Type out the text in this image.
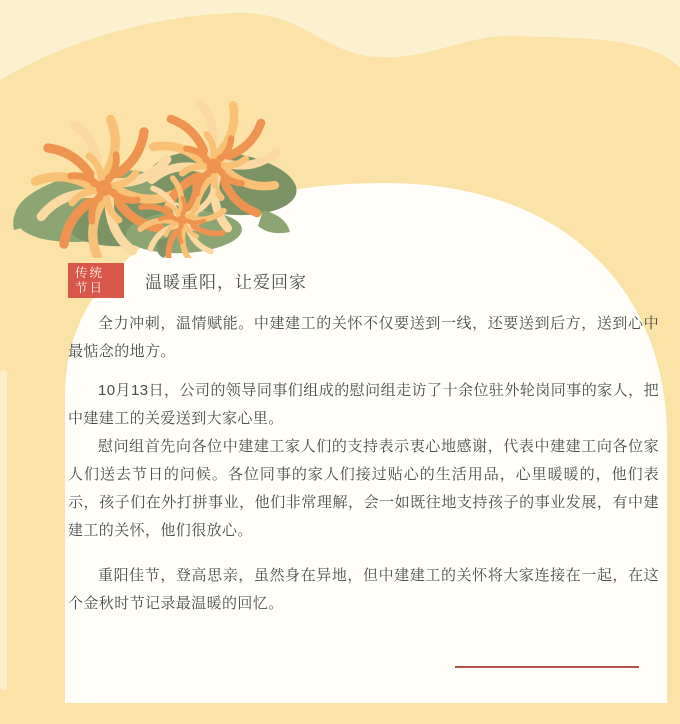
传统
节日	温暖重阳，让爱回家

全力冲刺，温情赋能。中建建工的关怀不仅要送到一线，还要送到后方，送到心中最惦念的地方。

10月13日，公司的领导同事们组成的慰问组走访了十余位驻外轮岗同事的家人，把中建建工的关爱送到大家心里。

慰问组首先向各位中建建工家人们的支持表示衷心地感谢，代表中建建工向各位家人们送去节日的问候。各位同事的家人们接过贴心的生活用品，心里暖暖的，他们表示，孩子们在外打拼事业，他们非常理解，会一如既往地支持孩子的事业发展，有中建建工的关怀，他们很放心。

重阳佳节，登高思亲，虽然身在异地，但中建建工的关怀将大家连接在一起，在这个金秋时节记录最温暖的回忆。
